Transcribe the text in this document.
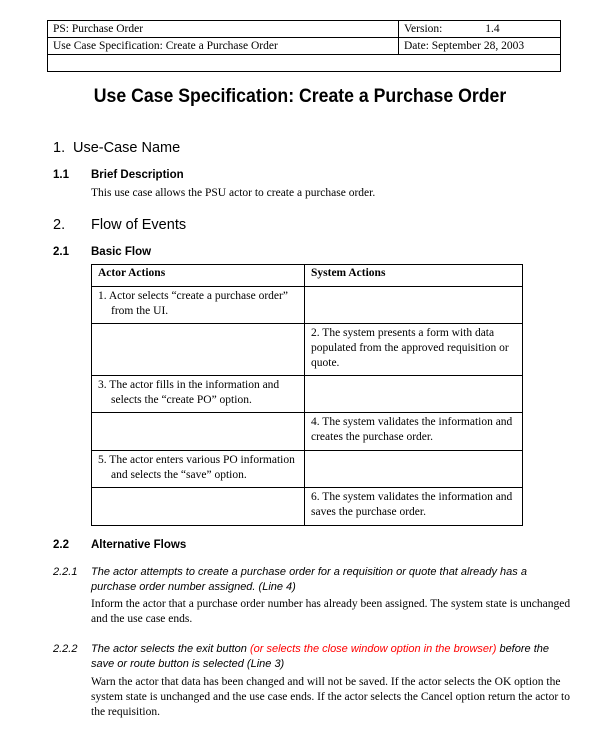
PS: Purchase Order	Version: 1.4
Use Case Specification: Create a Purchase Order	Date: September 28, 2003

Use Case Specification: Create a Purchase Order
1. Use-Case Name
1.1 Brief Description
This use case allows the PSU actor to create a purchase order.
2. Flow of Events
2.1 Basic Flow
Actor Actions	System Actions
1. Actor selects “create a purchase order”
from the UI.	

	2. The system presents a form with data populated from the approved requisition or quote.
3. The actor fills in the information and
selects the “create PO” option.	

	4. The system validates the information and creates the purchase order.
5. The actor enters various PO information
and selects the “save” option.	

	6. The system validates the information and saves the purchase order.
2.2 Alternative Flows
2.2.1 The actor attempts to create a purchase order for a requisition or quote that already has a
purchase order number assigned. (Line 4)
Inform the actor that a purchase order number has already been assigned. The system state is unchanged
and the use case ends.
2.2.2 The actor selects the exit button (or selects the close window option in the browser) before the
save or route button is selected (Line 3)
Warn the actor that data has been changed and will not be saved. If the actor selects the OK option the
system state is unchanged and the use case ends. If the actor selects the Cancel option return the actor to
the requisition.
